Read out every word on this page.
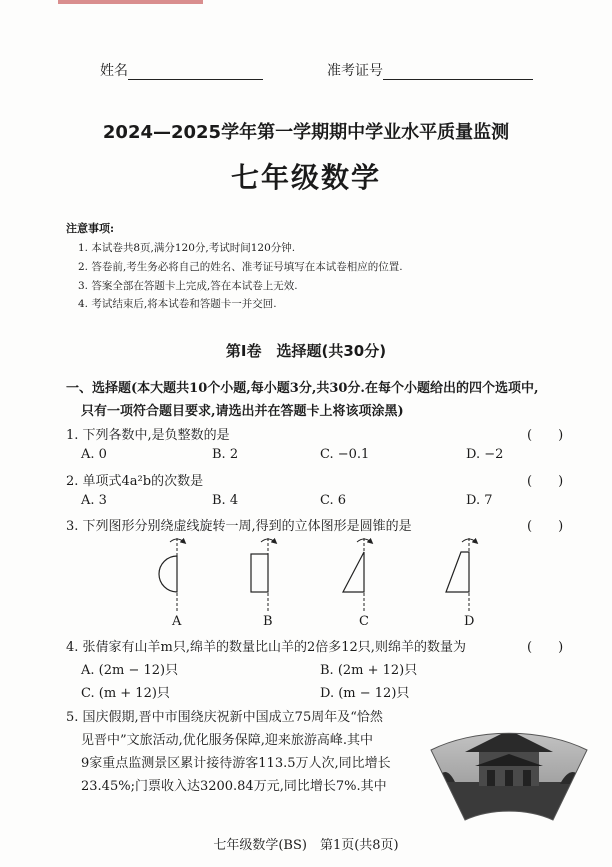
姓名	准考证号
2024—2025学年第一学期期中学业水平质量监测
七年级数学
注意事项:
1. 本试卷共8页,满分120分,考试时间120分钟.
2. 答卷前,考生务必将自己的姓名、准考证号填写在本试卷相应的位置.
3. 答案全部在答题卡上完成,答在本试卷上无效.
4. 考试结束后,将本试卷和答题卡一并交回.
第Ⅰ卷　选择题(共30分)
一、选择题(本大题共10个小题,每小题3分,共30分.在每个小题给出的四个选项中,
只有一项符合题目要求,请选出并在答题卡上将该项涂黑)
1. 下列各数中,是负整数的是	(　　)
A. 0	B. 2	C. −0.1	D. −2
2. 单项式4a²b的次数是	(　　)
A. 3	B. 4	C. 6	D. 7
3. 下列图形分别绕虚线旋转一周,得到的立体图形是圆锥的是	(　　)
A	B	C	D
4. 张倩家有山羊m只,绵羊的数量比山羊的2倍多12只,则绵羊的数量为	(　　)
A. (2m − 12)只	B. (2m + 12)只
C. (m + 12)只	D. (m − 12)只
5. 国庆假期,晋中市围绕庆祝新中国成立75周年及“恰然
见晋中”文旅活动,优化服务保障,迎来旅游高峰.其中
9家重点监测景区累计接待游客113.5万人次,同比增长
23.45%;门票收入达3200.84万元,同比增长7%.其中
七年级数学(BS)　第1页(共8页)
